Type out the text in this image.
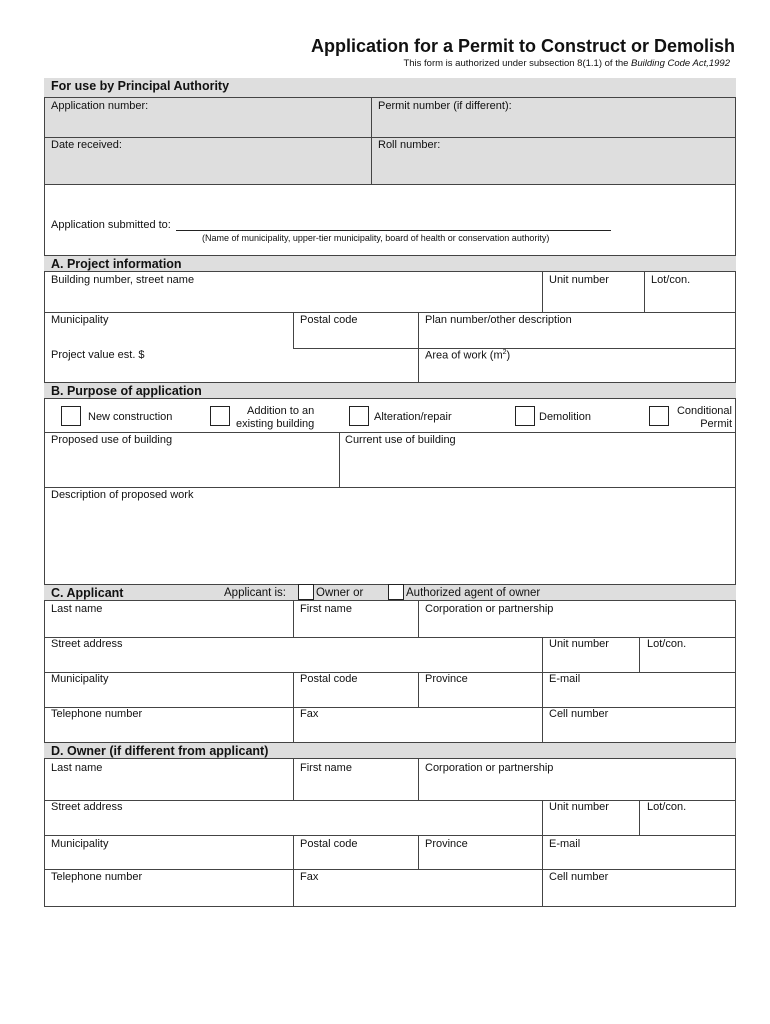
Application for a Permit to Construct or Demolish
This form is authorized under subsection 8(1.1) of the Building Code Act,1992
For use by Principal Authority
Application number:	Permit number (if different):
Date received:	Roll number:
Application submitted to:
(Name of municipality, upper-tier municipality, board of health or conservation authority)
A. Project information
Building number, street name	Unit number	Lot/con.
Municipality	Postal code	Plan number/other description
Project value est. $	Area of work $(m^2)$
B. Purpose of application
New construction	Addition to an
existing building
Alteration/repair	Demolition	Conditional
Permit
Proposed use of building	Current use of building
Description of proposed work
C. Applicant	Applicant is:	Owner or	Authorized agent of owner
Last name	First name	Corporation or partnership
Street address	Unit number	Lot/con.
Municipality	Postal code	Province	E-mail
Telephone number	Fax	Cell number
D. Owner (if different from applicant)
Last name	First name	Corporation or partnership
Street address	Unit number	Lot/con.
Municipality	Postal code	Province	E-mail
Telephone number	Fax	Cell number
